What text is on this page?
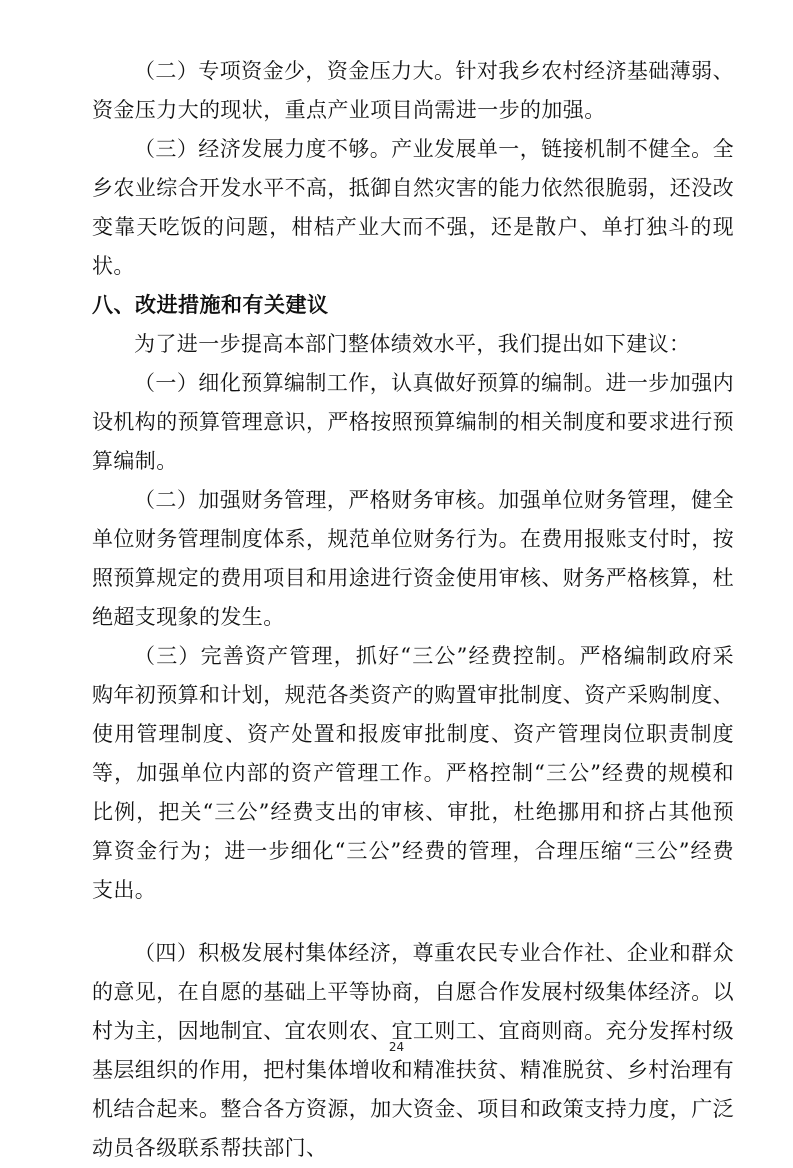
（二）专项资金少，资金压力大。针对我乡农村经济基础薄弱、资金压力大的现状，重点产业项目尚需进一步的加强。

（三）经济发展力度不够。产业发展单一，链接机制不健全。全乡农业综合开发水平不高，抵御自然灾害的能力依然很脆弱，还没改变靠天吃饭的问题，柑桔产业大而不强，还是散户、单打独斗的现状。

八、改进措施和有关建议

为了进一步提高本部门整体绩效水平，我们提出如下建议：

（一）细化预算编制工作，认真做好预算的编制。进一步加强内设机构的预算管理意识，严格按照预算编制的相关制度和要求进行预算编制。

（二）加强财务管理，严格财务审核。加强单位财务管理，健全单位财务管理制度体系，规范单位财务行为。在费用报账支付时，按照预算规定的费用项目和用途进行资金使用审核、财务严格核算，杜绝超支现象的发生。

（三）完善资产管理，抓好“三公”经费控制。严格编制政府采购年初预算和计划，规范各类资产的购置审批制度、资产采购制度、使用管理制度、资产处置和报废审批制度、资产管理岗位职责制度等，加强单位内部的资产管理工作。严格控制“三公”经费的规模和比例，把关“三公”经费支出的审核、审批，杜绝挪用和挤占其他预算资金行为；进一步细化“三公”经费的管理，合理压缩“三公”经费支出。

（四）积极发展村集体经济，尊重农民专业合作社、企业和群众的意见，在自愿的基础上平等协商，自愿合作发展村级集体经济。以村为主，因地制宜、宜农则农、宜工则工、宜商则商。充分发挥村级基层组织的作用，把村集体增收和精准扶贫、精准脱贫、乡村治理有机结合起来。整合各方资源，加大资金、项目和政策支持力度，广泛动员各级联系帮扶部门、

24
